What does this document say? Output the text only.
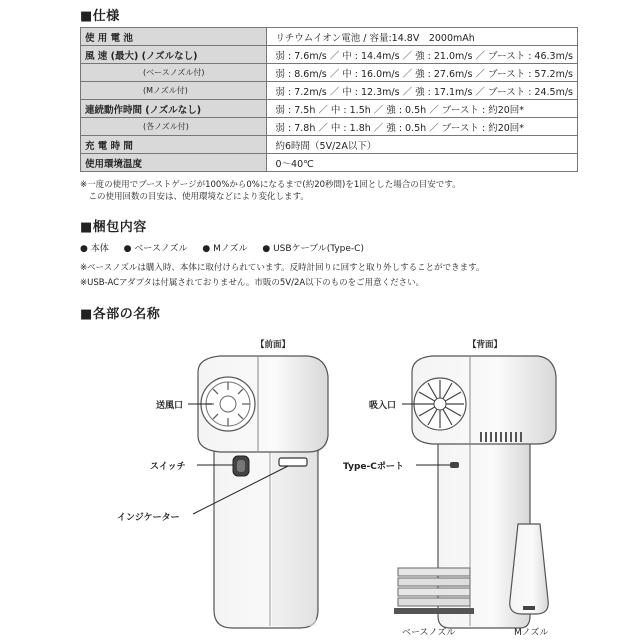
■仕様
使 用 電 池	リチウムイオン電池 / 容量:14.8V　2000mAh
風 速 (最大) (ノズルなし)	弱 : 7.6m/s ／ 中 : 14.4m/s ／ 強 : 21.0m/s ／ ブースト : 46.3m/s
(ベースノズル付)	弱 : 8.6m/s ／ 中 : 16.0m/s ／ 強 : 27.6m/s ／ ブースト : 57.2m/s
(Mノズル付)	弱 : 7.2m/s ／ 中 : 12.3m/s ／ 強 : 17.1m/s ／ ブースト : 24.5m/s
連続動作時間 (ノズルなし)	弱 : 7.5h ／ 中 : 1.5h ／ 強 : 0.5h ／ ブースト : 約20回*
(各ノズル付)	弱 : 7.8h ／ 中 : 1.8h ／ 強 : 0.5h ／ ブースト : 約20回*
充 電 時 間	約6時間（5V/2A以下）
使用環境温度	0～40℃
※一度の使用でブーストゲージが100%から0%になるまで(約20秒間)を1回とした場合の目安です。
　この使用回数の目安は、使用環境などにより変化します。
■梱包内容
● 本体 ● ベースノズル ● Mノズル ● USBケーブル(Type-C)
※ベースノズルは購入時、本体に取付けられています。反時計回りに回すと取り外しすることができます。
※USB-ACアダプタは付属されておりません。市販の5V/2A以下のものをご用意ください。
■各部の名称
【前面】	【背面】
送風口
スイッチ
インジケーター
吸入口
Type-Cポート
ベースノズル	Mノズル
